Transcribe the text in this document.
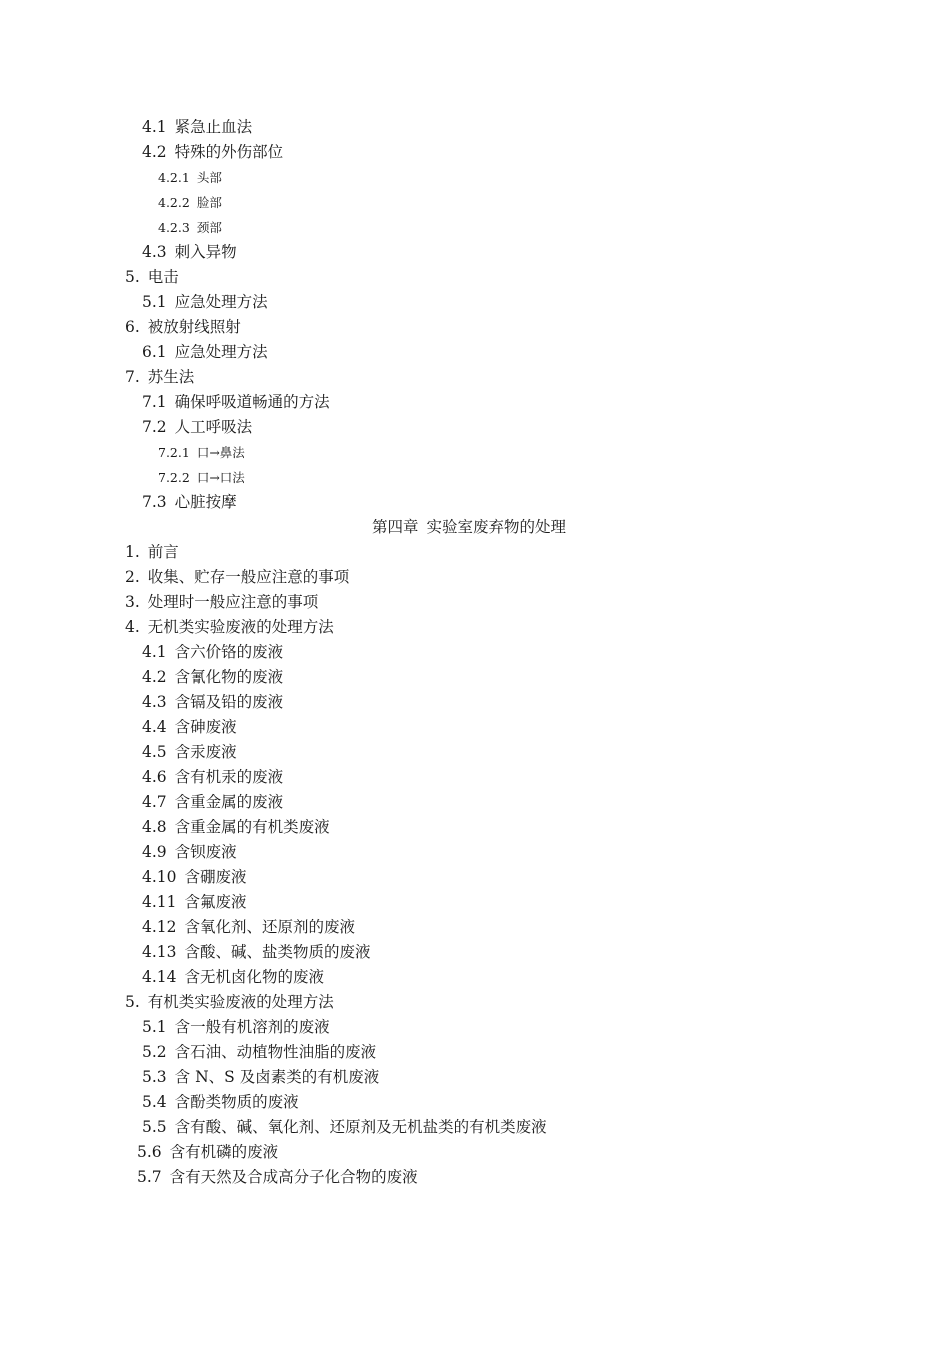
4.1 紧急止血法
4.2 特殊的外伤部位
4.2.1 头部
4.2.2 脸部
4.2.3 颈部
4.3 刺入异物
5. 电击
5.1 应急处理方法
6. 被放射线照射
6.1 应急处理方法
7. 苏生法
7.1 确保呼吸道畅通的方法
7.2 人工呼吸法
7.2.1 口→鼻法
7.2.2 口→口法
7.3 心脏按摩
第四章 实验室废弃物的处理
1. 前言
2. 收集、贮存一般应注意的事项
3. 处理时一般应注意的事项
4. 无机类实验废液的处理方法
4.1 含六价铬的废液
4.2 含氰化物的废液
4.3 含镉及铅的废液
4.4 含砷废液
4.5 含汞废液
4.6 含有机汞的废液
4.7 含重金属的废液
4.8 含重金属的有机类废液
4.9 含钡废液
4.10 含硼废液
4.11 含氟废液
4.12 含氧化剂、还原剂的废液
4.13 含酸、碱、盐类物质的废液
4.14 含无机卤化物的废液
5. 有机类实验废液的处理方法
5.1 含一般有机溶剂的废液
5.2 含石油、动植物性油脂的废液
5.3 含 N、S 及卤素类的有机废液
5.4 含酚类物质的废液
5.5 含有酸、碱、氧化剂、还原剂及无机盐类的有机类废液
5.6 含有机磷的废液
5.7 含有天然及合成高分子化合物的废液
